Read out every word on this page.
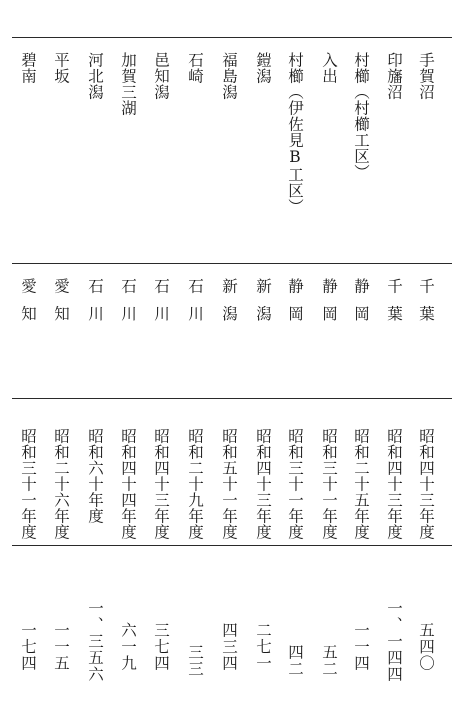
手賀沼
千葉
昭和四十三年度
五四〇
印旛沼
千葉
昭和四十三年度
一、一四四
村櫛（村櫛工区）
静岡
昭和二十五年度
一一四
入出
静岡
昭和三十一年度
五二
村櫛（伊佐見B工区）
静岡
昭和三十一年度
四二
鎧潟
新潟
昭和四十三年度
二七一
福島潟
新潟
昭和五十一年度
四三四
石崎
石川
昭和二十九年度
三三
邑知潟
石川
昭和四十三年度
三七四
加賀三湖
石川
昭和四十四年度
六一九
河北潟
石川
昭和六十年度
一、三五六
平坂
愛知
昭和二十六年度
一一五
碧南
愛知
昭和三十一年度
一七四
